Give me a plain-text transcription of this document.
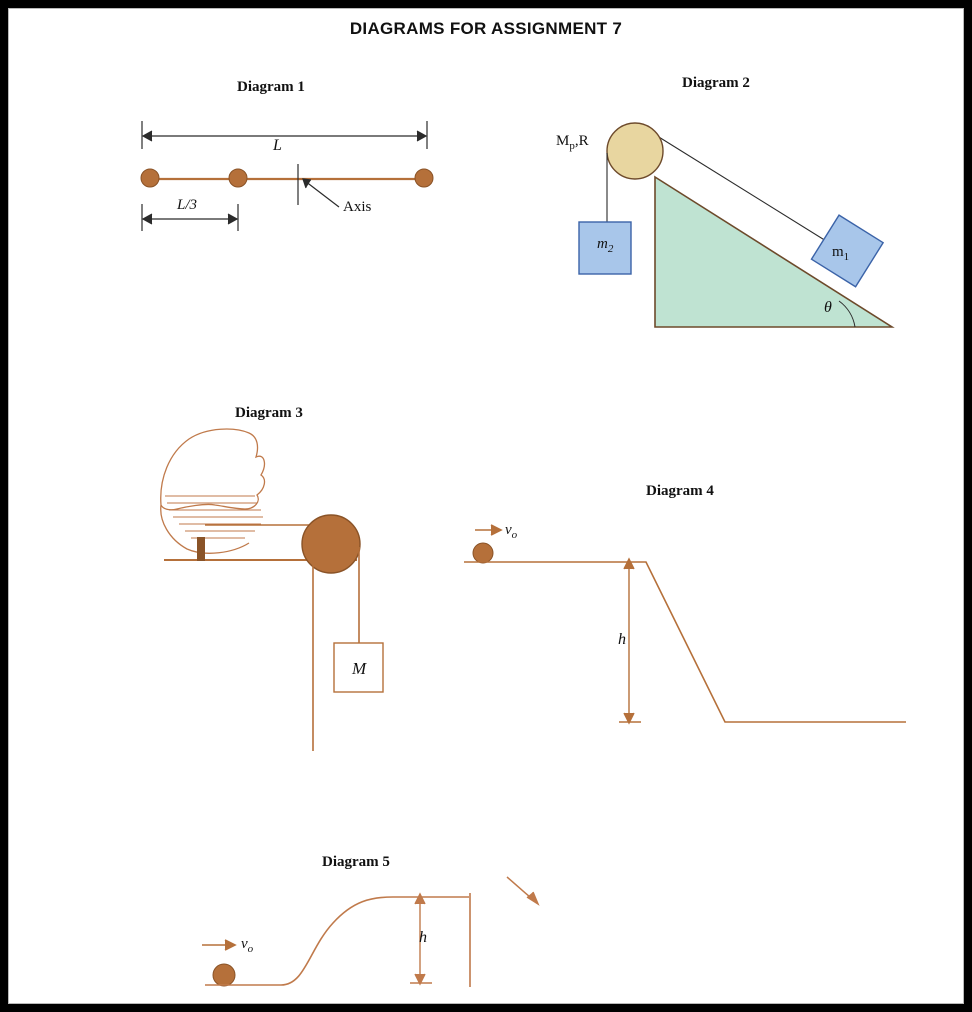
DIAGRAMS FOR ASSIGNMENT 7
Diagram 1
L
L/3	Axis
Diagram 2
$M_p,R$
$m_2$	$m_1$
θ
Diagram 3
M
Diagram 4
$v_o$
h
Diagram 5
$v_o$
h
